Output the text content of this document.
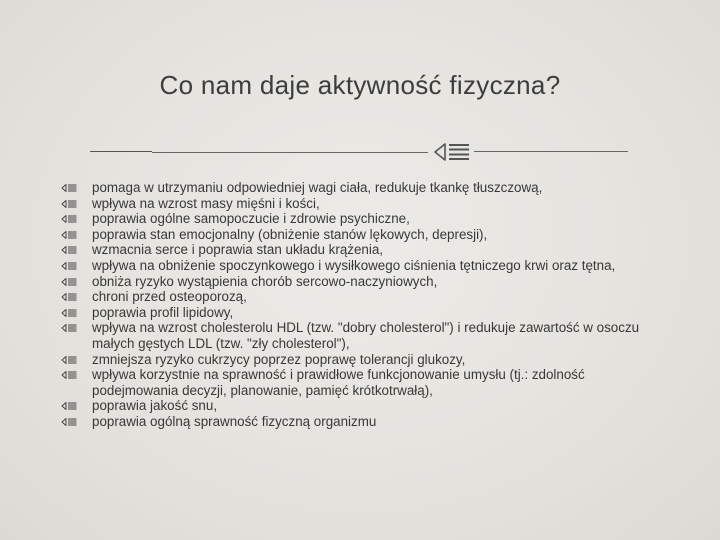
Co nam daje aktywność fizyczna?
pomaga w utrzymaniu odpowiedniej wagi ciała, redukuje tkankę tłuszczową,
wpływa na wzrost masy mięśni i kości,
poprawia ogólne samopoczucie i zdrowie psychiczne,
poprawia stan emocjonalny (obniżenie stanów lękowych, depresji),
wzmacnia serce i poprawia stan układu krążenia,
wpływa na obniżenie spoczynkowego i wysiłkowego ciśnienia tętniczego krwi oraz tętna,
obniża ryzyko wystąpienia chorób sercowo-naczyniowych,
chroni przed osteoporozą,
poprawia profil lipidowy,
wpływa na wzrost cholesterolu HDL (tzw. "dobry cholesterol") i redukuje zawartość w osoczu małych gęstych LDL (tzw. "zły cholesterol"),
zmniejsza ryzyko cukrzycy poprzez poprawę tolerancji glukozy,
wpływa korzystnie na sprawność i prawidłowe funkcjonowanie umysłu (tj.: zdolność podejmowania decyzji, planowanie, pamięć krótkotrwałą),
poprawia jakość snu,
poprawia ogólną sprawność fizyczną organizmu
